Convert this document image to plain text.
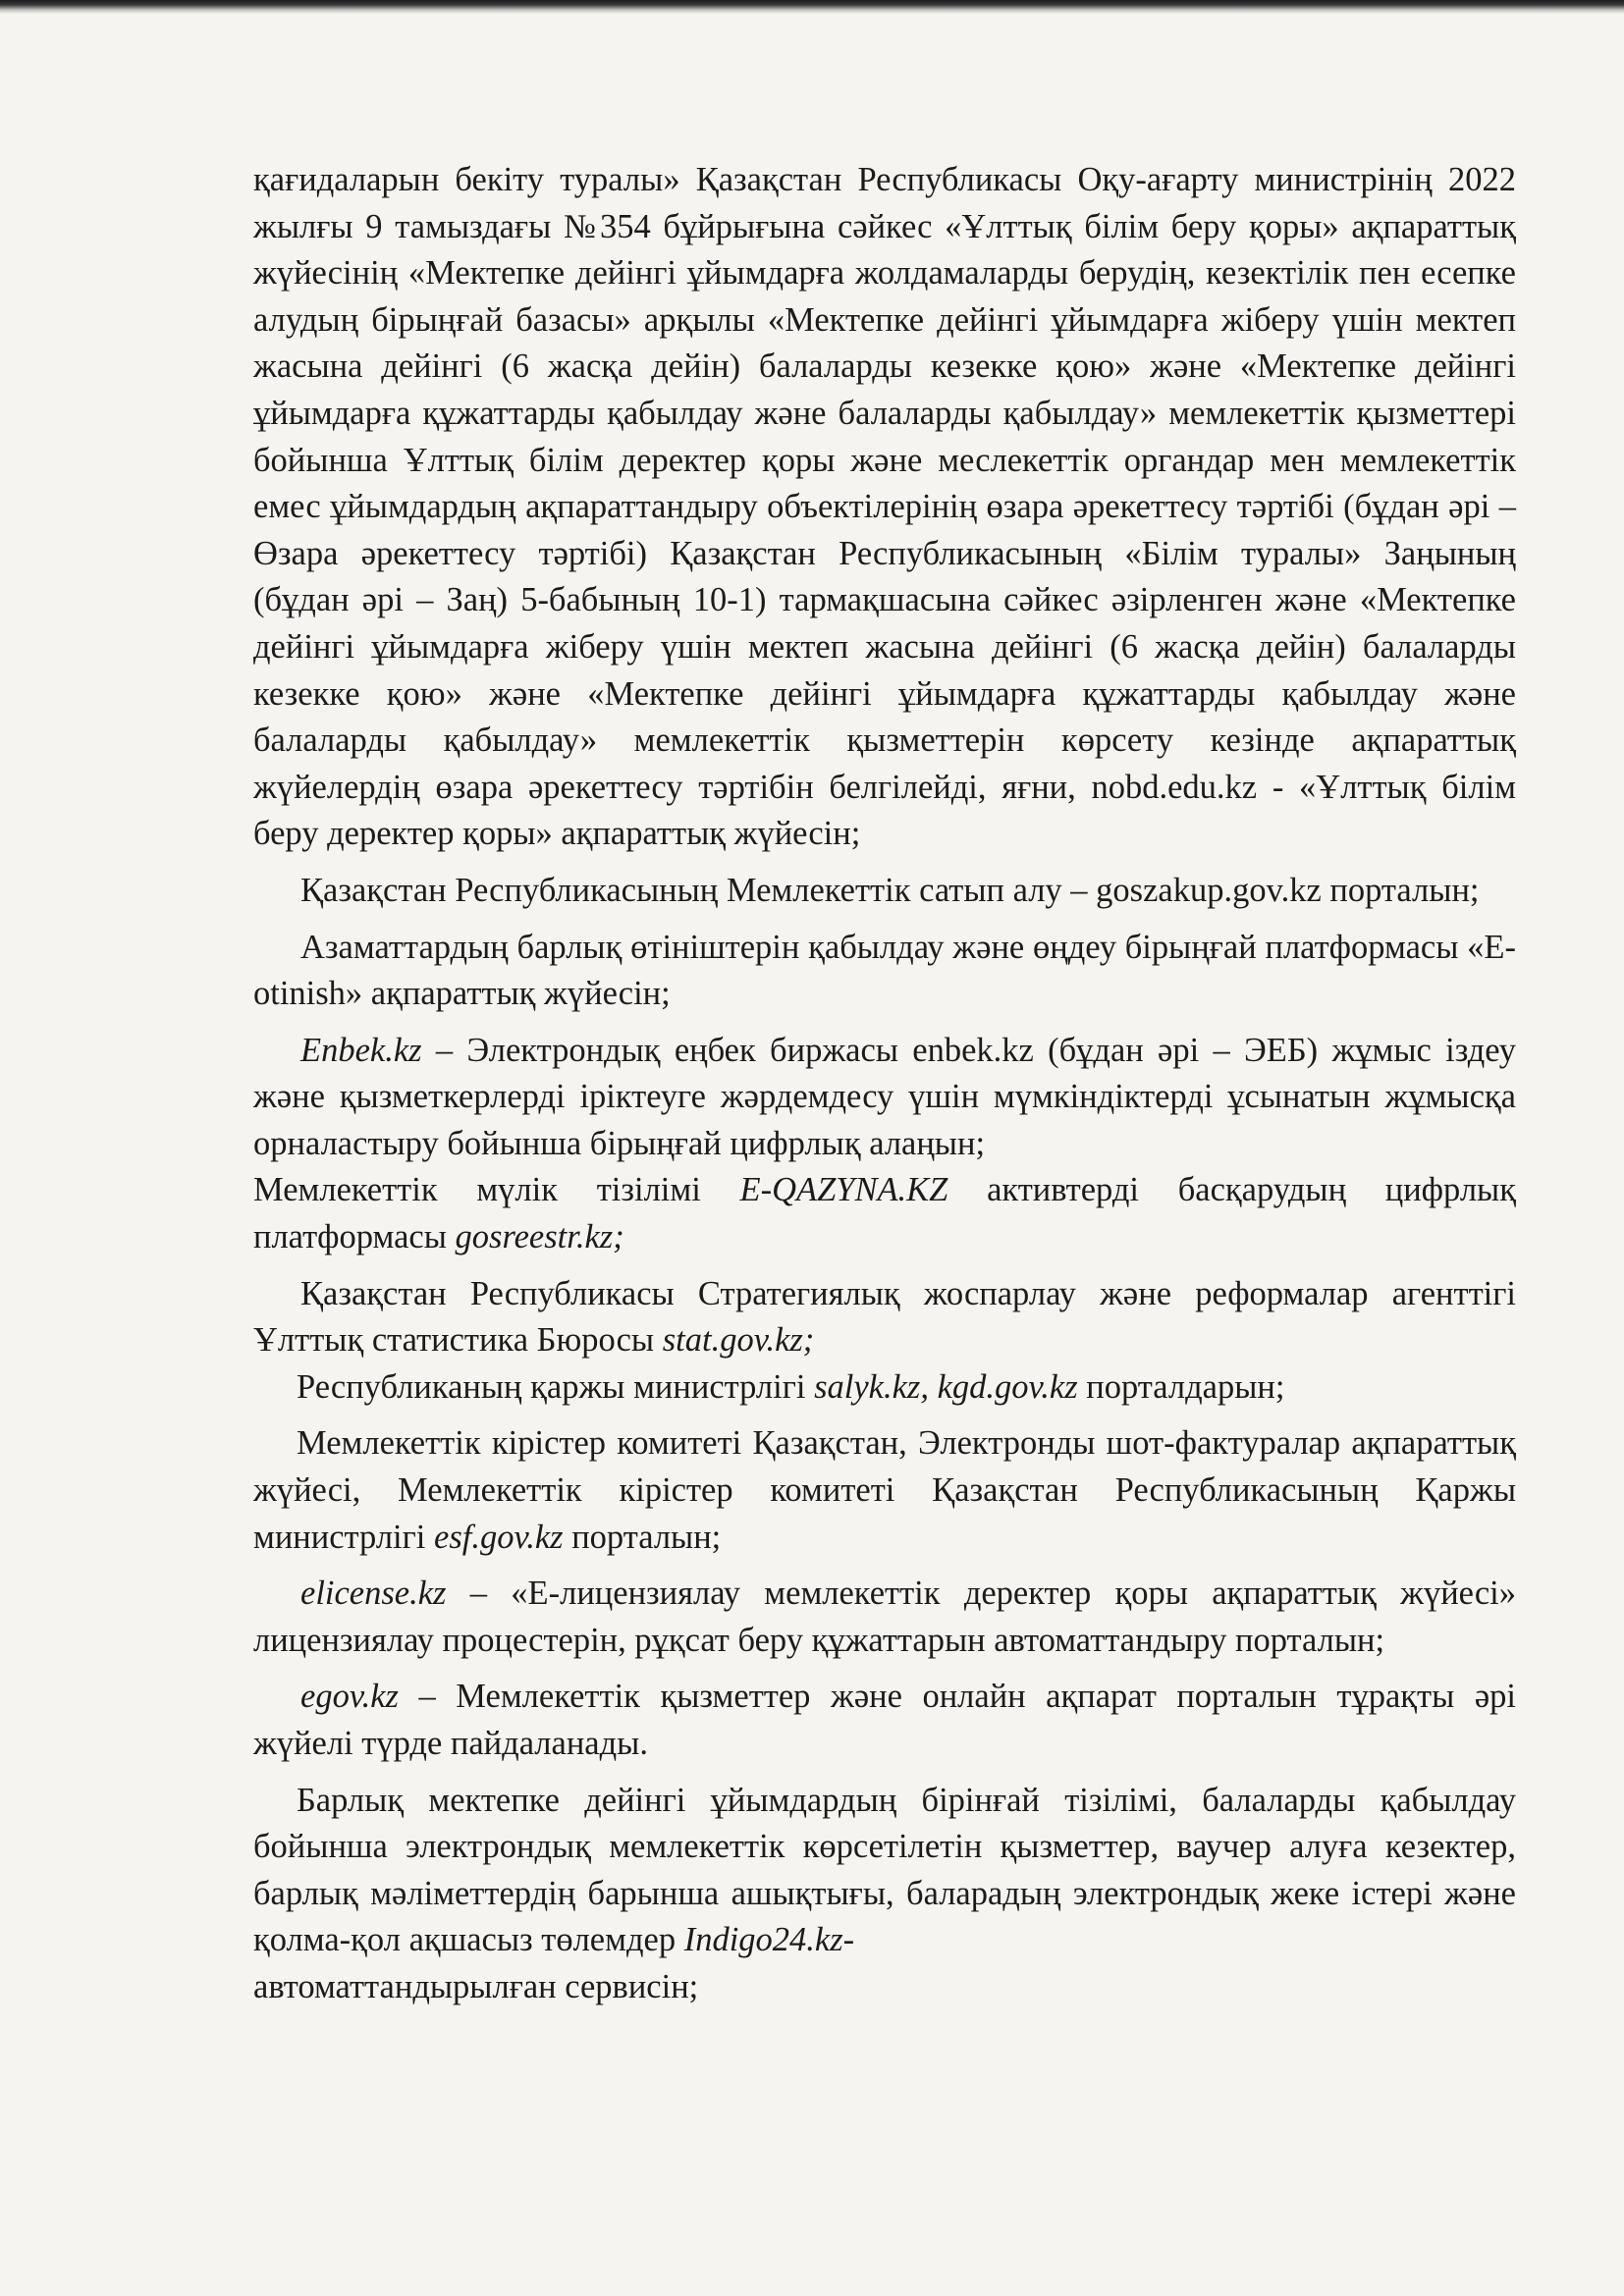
қағидаларын бекіту туралы» Қазақстан Республикасы Оқу-ағарту министрінің 2022 жылғы 9 тамыздағы №354 бұйрығына сәйкес «Ұлттық білім беру қоры» ақпараттық жүйесінің «Мектепке дейінгі ұйымдарға жолдамаларды берудің, кезектілік пен есепке алудың бірыңғай базасы» арқылы «Мектепке дейінгі ұйымдарға жіберу үшін мектеп жасына дейінгі (6 жасқа дейін) балаларды кезекке қою» және «Мектепке дейінгі ұйымдарға құжаттарды қабылдау және балаларды қабылдау» мемлекеттік қызметтері бойынша Ұлттық білім деректер қоры және меслекеттік органдар мен мемлекеттік емес ұйымдардың ақпараттандыру объектілерінің өзара әрекеттесу тәртібі (бұдан әрі – Өзара әрекеттесу тәртібі) Қазақстан Республикасының «Білім туралы» Заңының (бұдан әрі – Заң) 5-бабының 10-1) тармақшасына сәйкес әзірленген және «Мектепке дейінгі ұйымдарға жіберу үшін мектеп жасына дейінгі (6 жасқа дейін) балаларды кезекке қою» және «Мектепке дейінгі ұйымдарға құжаттарды қабылдау және балаларды қабылдау» мемлекеттік қызметтерін көрсету кезінде ақпараттық жүйелердің өзара әрекеттесу тәртібін белгілейді, яғни, nobd.edu.kz - «Ұлттық білім беру деректер қоры» ақпараттық жүйесін;

Қазақстан Республикасының Мемлекеттік сатып алу – goszakup.gov.kz порталын;

Азаматтардың барлық өтініштерін қабылдау және өңдеу бірыңғай платформасы «E-otinish» ақпараттық жүйесін;

Enbek.kz – Электрондық еңбек биржасы enbek.kz (бұдан әрі – ЭЕБ) жұмыс іздеу және қызметкерлерді іріктеуге жәрдемдесу үшін мүмкіндіктерді ұсынатын жұмысқа орналастыру бойынша бірыңғай цифрлық алаңын;

Мемлекеттік мүлік тізілімі E-QAZYNA.KZ активтерді басқарудың цифрлық платформасы gosreestr.kz;

Қазақстан Республикасы Стратегиялық жоспарлау және реформалар агенттігі Ұлттық статистика Бюросы stat.gov.kz;

Республиканың қаржы министрлігі salyk.kz, kgd.gov.kz порталдарын;

Мемлекеттік кірістер комитеті Қазақстан, Электронды шот-фактуралар ақпараттық жүйесі, Мемлекеттік кірістер комитеті Қазақстан Республикасының Қаржы министрлігі esf.gov.kz порталын;

elicense.kz – «Е-лицензиялау мемлекеттік деректер қоры ақпараттық жүйесі» лицензиялау процестерін, рұқсат беру құжаттарын автоматтандыру порталын;

egov.kz – Мемлекеттік қызметтер және онлайн ақпарат порталын тұрақты әрі жүйелі түрде пайдаланады.

Барлық мектепке дейінгі ұйымдардың бірінғай тізілімі, балаларды қабылдау бойынша электрондық мемлекеттік көрсетілетін қызметтер, ваучер алуға кезектер, барлық мәліметтердің барынша ашықтығы, баларадың электрондық жеке істері және қолма-қол ақшасыз төлемдер Indigo24.kz-
автоматтандырылған сервисін;
